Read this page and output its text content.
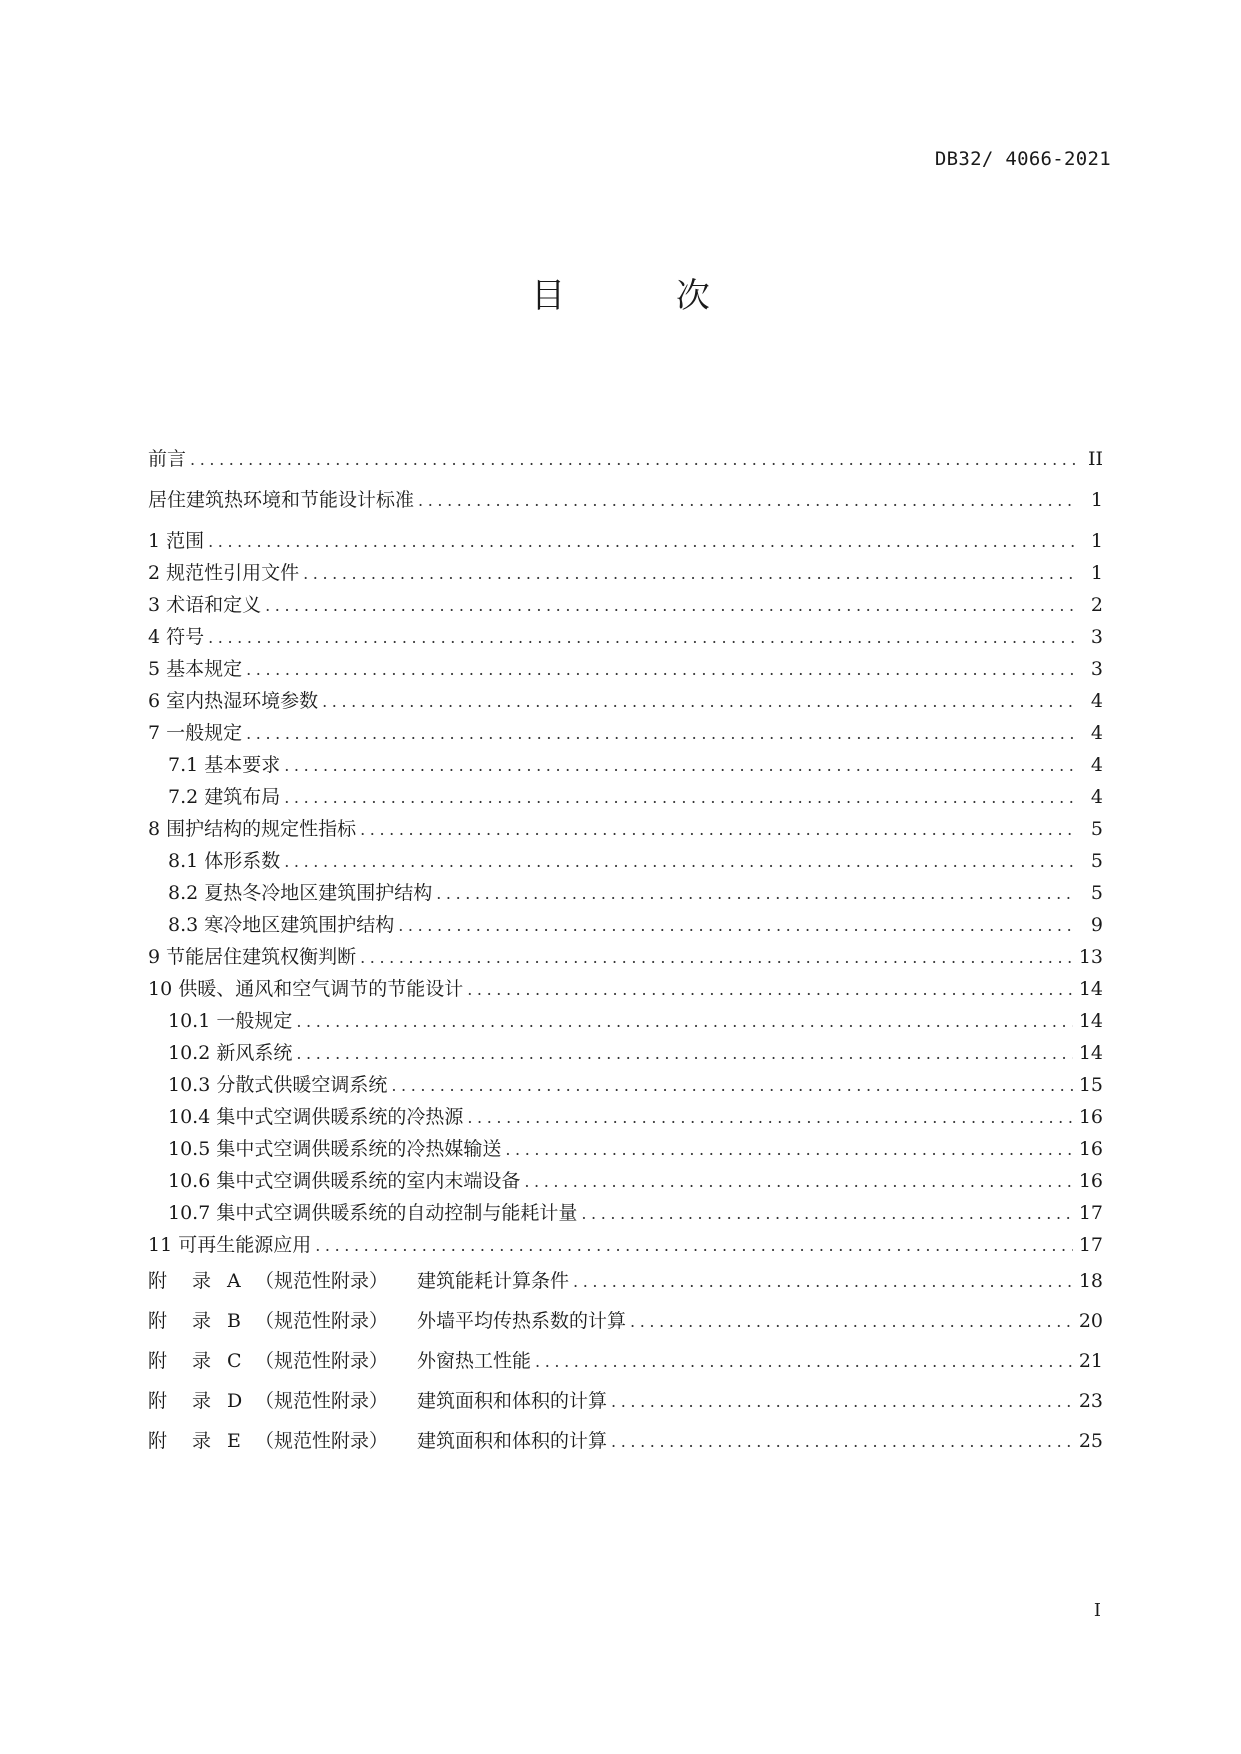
DB32/ 4066-2021
目 次
前言 .....	II
居住建筑热环境和节能设计标准 .....	1
1 范围 .....	1
2 规范性引用文件 .....	1
3 术语和定义 .....	2
4 符号 .....	3
5 基本规定 .....	3
6 室内热湿环境参数 .....	4
7 一般规定 .....	4
7.1 基本要求 .....	4
7.2 建筑布局 .....	4
8 围护结构的规定性指标 .....	5
8.1 体形系数 .....	5
8.2 夏热冬冷地区建筑围护结构 .....	5
8.3 寒冷地区建筑围护结构 .....	9
9 节能居住建筑权衡判断 .....	13
10 供暖、通风和空气调节的节能设计 .....	14
10.1 一般规定 .....	14
10.2 新风系统 .....	14
10.3 分散式供暖空调系统 .....	15
10.4 集中式空调供暖系统的冷热源 .....	16
10.5 集中式空调供暖系统的冷热媒输送 .....	16
10.6 集中式空调供暖系统的室内末端设备 .....	16
10.7 集中式空调供暖系统的自动控制与能耗计量 .....	17
11 可再生能源应用 .....	17
附 录 A （规范性附录） 建筑能耗计算条件 .....	18
附 录 B （规范性附录） 外墙平均传热系数的计算 .....	20
附 录 C （规范性附录） 外窗热工性能 .....	21
附 录 D （规范性附录） 建筑面积和体积的计算 .....	23
附 录 E （规范性附录） 建筑面积和体积的计算 .....	25
I
